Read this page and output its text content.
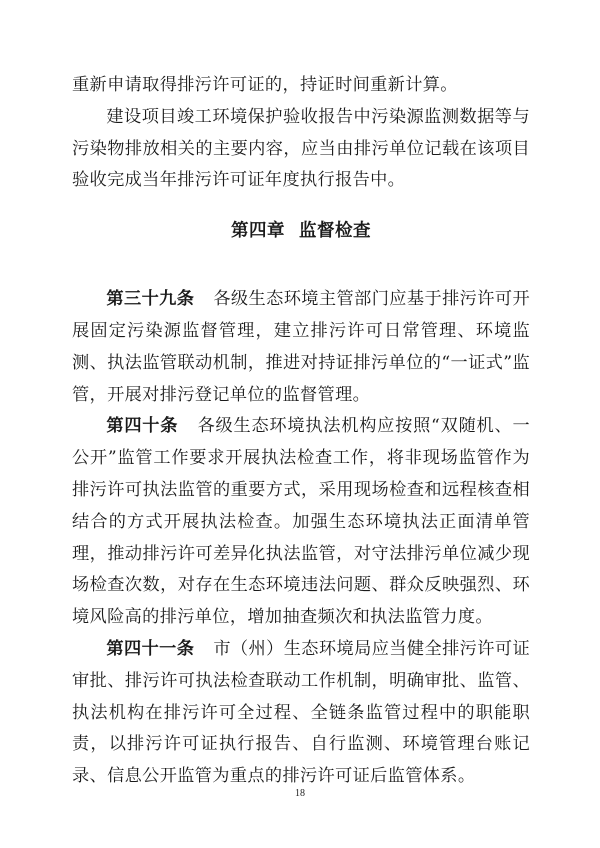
重新申请取得排污许可证的，持证时间重新计算。

建设项目竣工环境保护验收报告中污染源监测数据等与污染物排放相关的主要内容，应当由排污单位记载在该项目验收完成当年排污许可证年度执行报告中。

第四章 监督检查

第三十九条 各级生态环境主管部门应基于排污许可开展固定污染源监督管理，建立排污许可日常管理、环境监测、执法监管联动机制，推进对持证排污单位的“一证式”监管，开展对排污登记单位的监督管理。

第四十条 各级生态环境执法机构应按照“双随机、一公开”监管工作要求开展执法检查工作，将非现场监管作为排污许可执法监管的重要方式，采用现场检查和远程核查相结合的方式开展执法检查。加强生态环境执法正面清单管理，推动排污许可差异化执法监管，对守法排污单位减少现场检查次数，对存在生态环境违法问题、群众反映强烈、环境风险高的排污单位，增加抽查频次和执法监管力度。

第四十一条 市（州）生态环境局应当健全排污许可证审批、排污许可执法检查联动工作机制，明确审批、监管、执法机构在排污许可全过程、全链条监管过程中的职能职责，以排污许可证执行报告、自行监测、环境管理台账记录、信息公开监管为重点的排污许可证后监管体系。

18
